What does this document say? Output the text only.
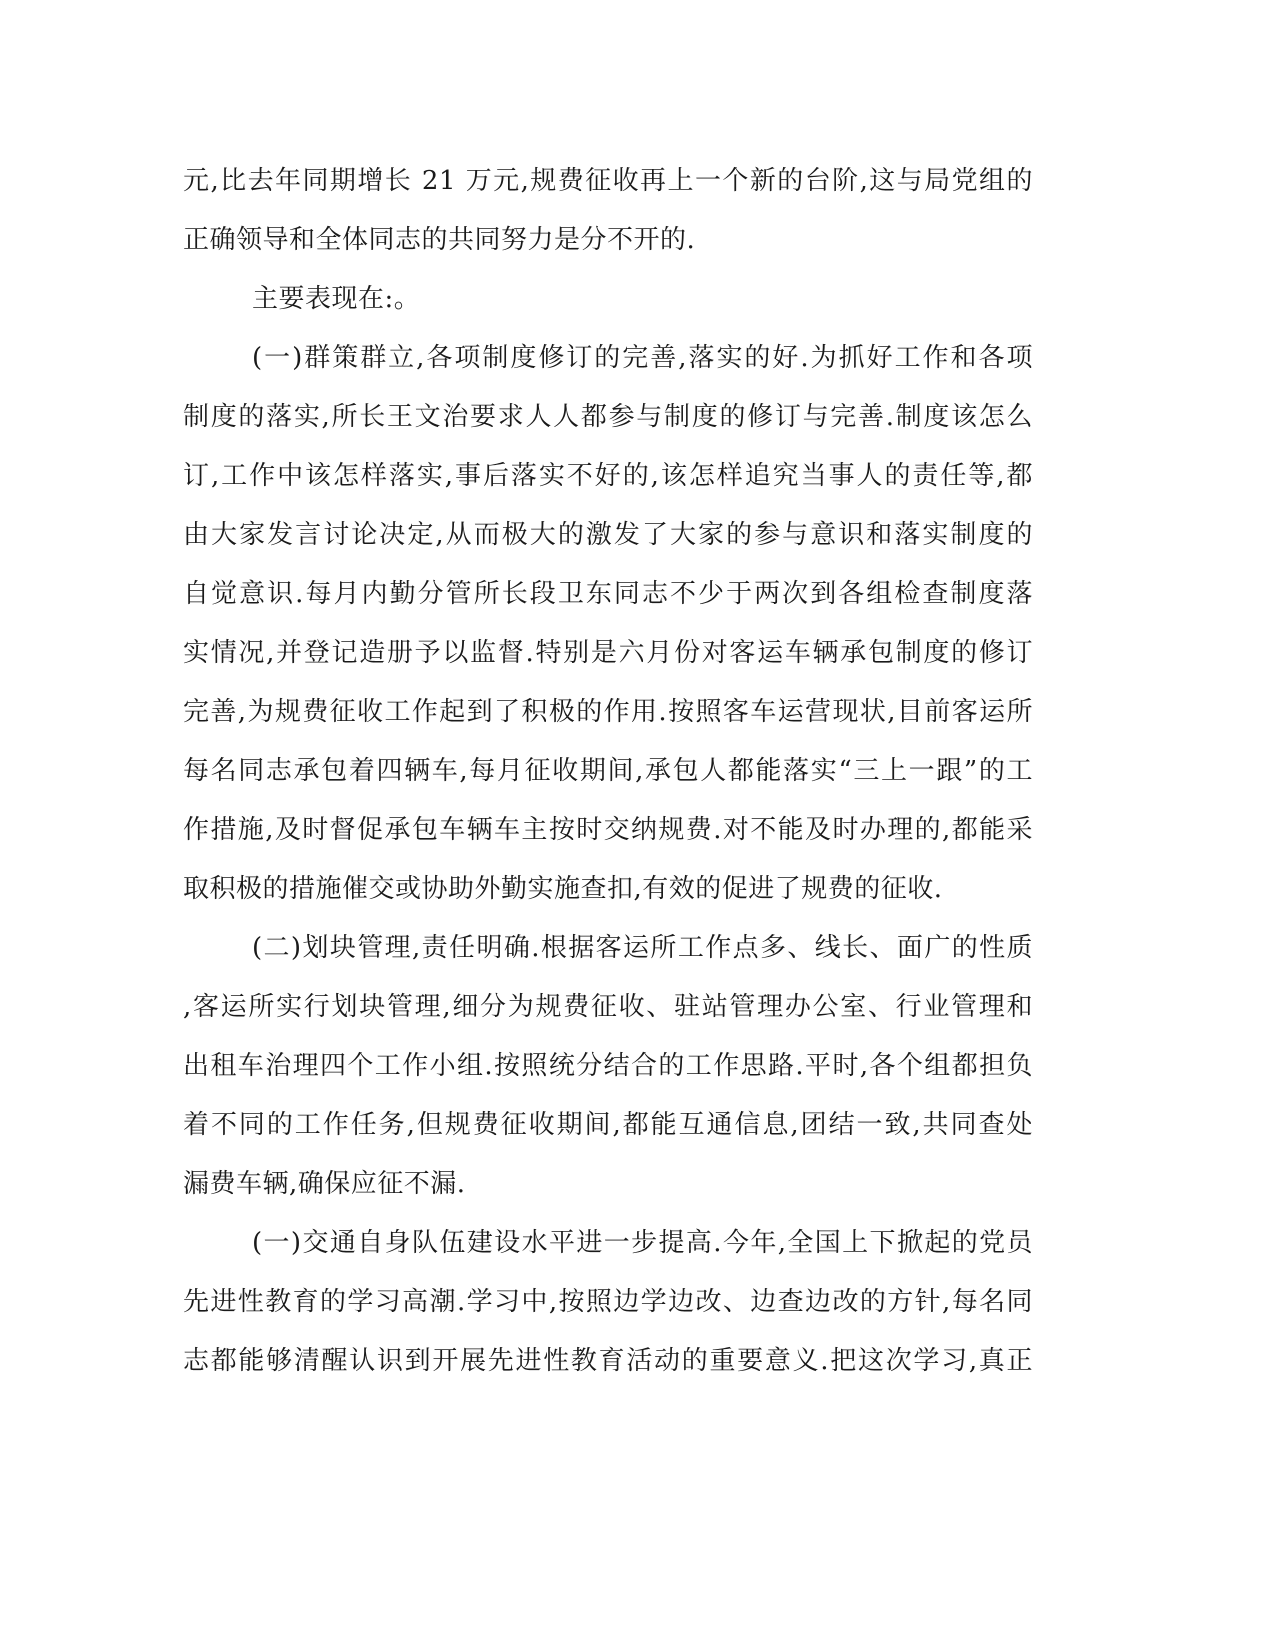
元,比去年同期增长 21 万元,规费征收再上一个新的台阶,这与局党组的
正确领导和全体同志的共同努力是分不开的.
主要表现在:。
(一)群策群立,各项制度修订的完善,落实的好.为抓好工作和各项
制度的落实,所长王文治要求人人都参与制度的修订与完善.制度该怎么
订,工作中该怎样落实,事后落实不好的,该怎样追究当事人的责任等,都
由大家发言讨论决定,从而极大的激发了大家的参与意识和落实制度的
自觉意识.每月内勤分管所长段卫东同志不少于两次到各组检查制度落
实情况,并登记造册予以监督.特别是六月份对客运车辆承包制度的修订
完善,为规费征收工作起到了积极的作用.按照客车运营现状,目前客运所
每名同志承包着四辆车,每月征收期间,承包人都能落实“三上一跟”的工
作措施,及时督促承包车辆车主按时交纳规费.对不能及时办理的,都能采
取积极的措施催交或协助外勤实施查扣,有效的促进了规费的征收.
(二)划块管理,责任明确.根据客运所工作点多、线长、面广的性质
,客运所实行划块管理,细分为规费征收、驻站管理办公室、行业管理和
出租车治理四个工作小组.按照统分结合的工作思路.平时,各个组都担负
着不同的工作任务,但规费征收期间,都能互通信息,团结一致,共同查处
漏费车辆,确保应征不漏.
(一)交通自身队伍建设水平进一步提高.今年,全国上下掀起的党员
先进性教育的学习高潮.学习中,按照边学边改、边查边改的方针,每名同
志都能够清醒认识到开展先进性教育活动的重要意义.把这次学习,真正
